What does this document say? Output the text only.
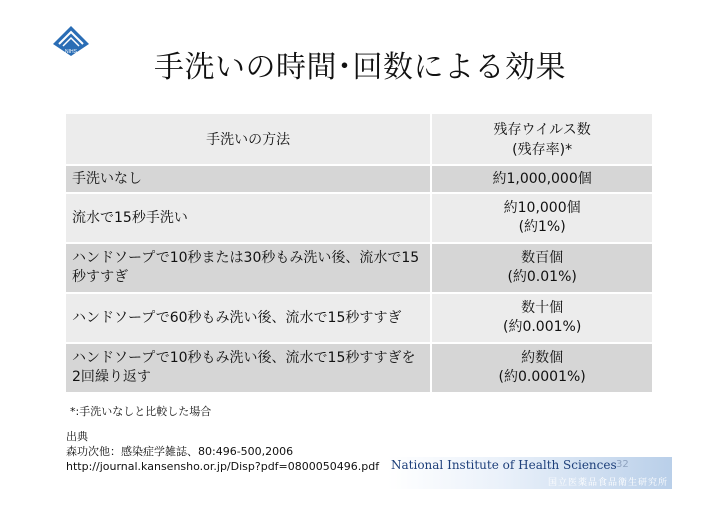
NIHS	手洗いの時間･回数による効果
手洗いの方法	残存ウイルス数
(残存率)*

手洗いなし	約1,000,000個

流水で15秒手洗い	約10,000個
(約1%)

ハンドソープで10秒または30秒もみ洗い後、流水で15秒すすぎ	数百個
(約0.01%)

ハンドソープで60秒もみ洗い後、流水で15秒すすぎ	数十個
(約0.001%)

ハンドソープで10秒もみ洗い後、流水で15秒すすぎを2回繰り返す	約数個
(約0.0001%)
*:手洗いなしと比較した場合
出典
森功次他：感染症学雑誌、80:496-500,2006
http://journal.kansensho.or.jp/Disp?pdf=0800050496.pdf National Institute of Health Sciences
国立医薬品食品衛生研究所
32
